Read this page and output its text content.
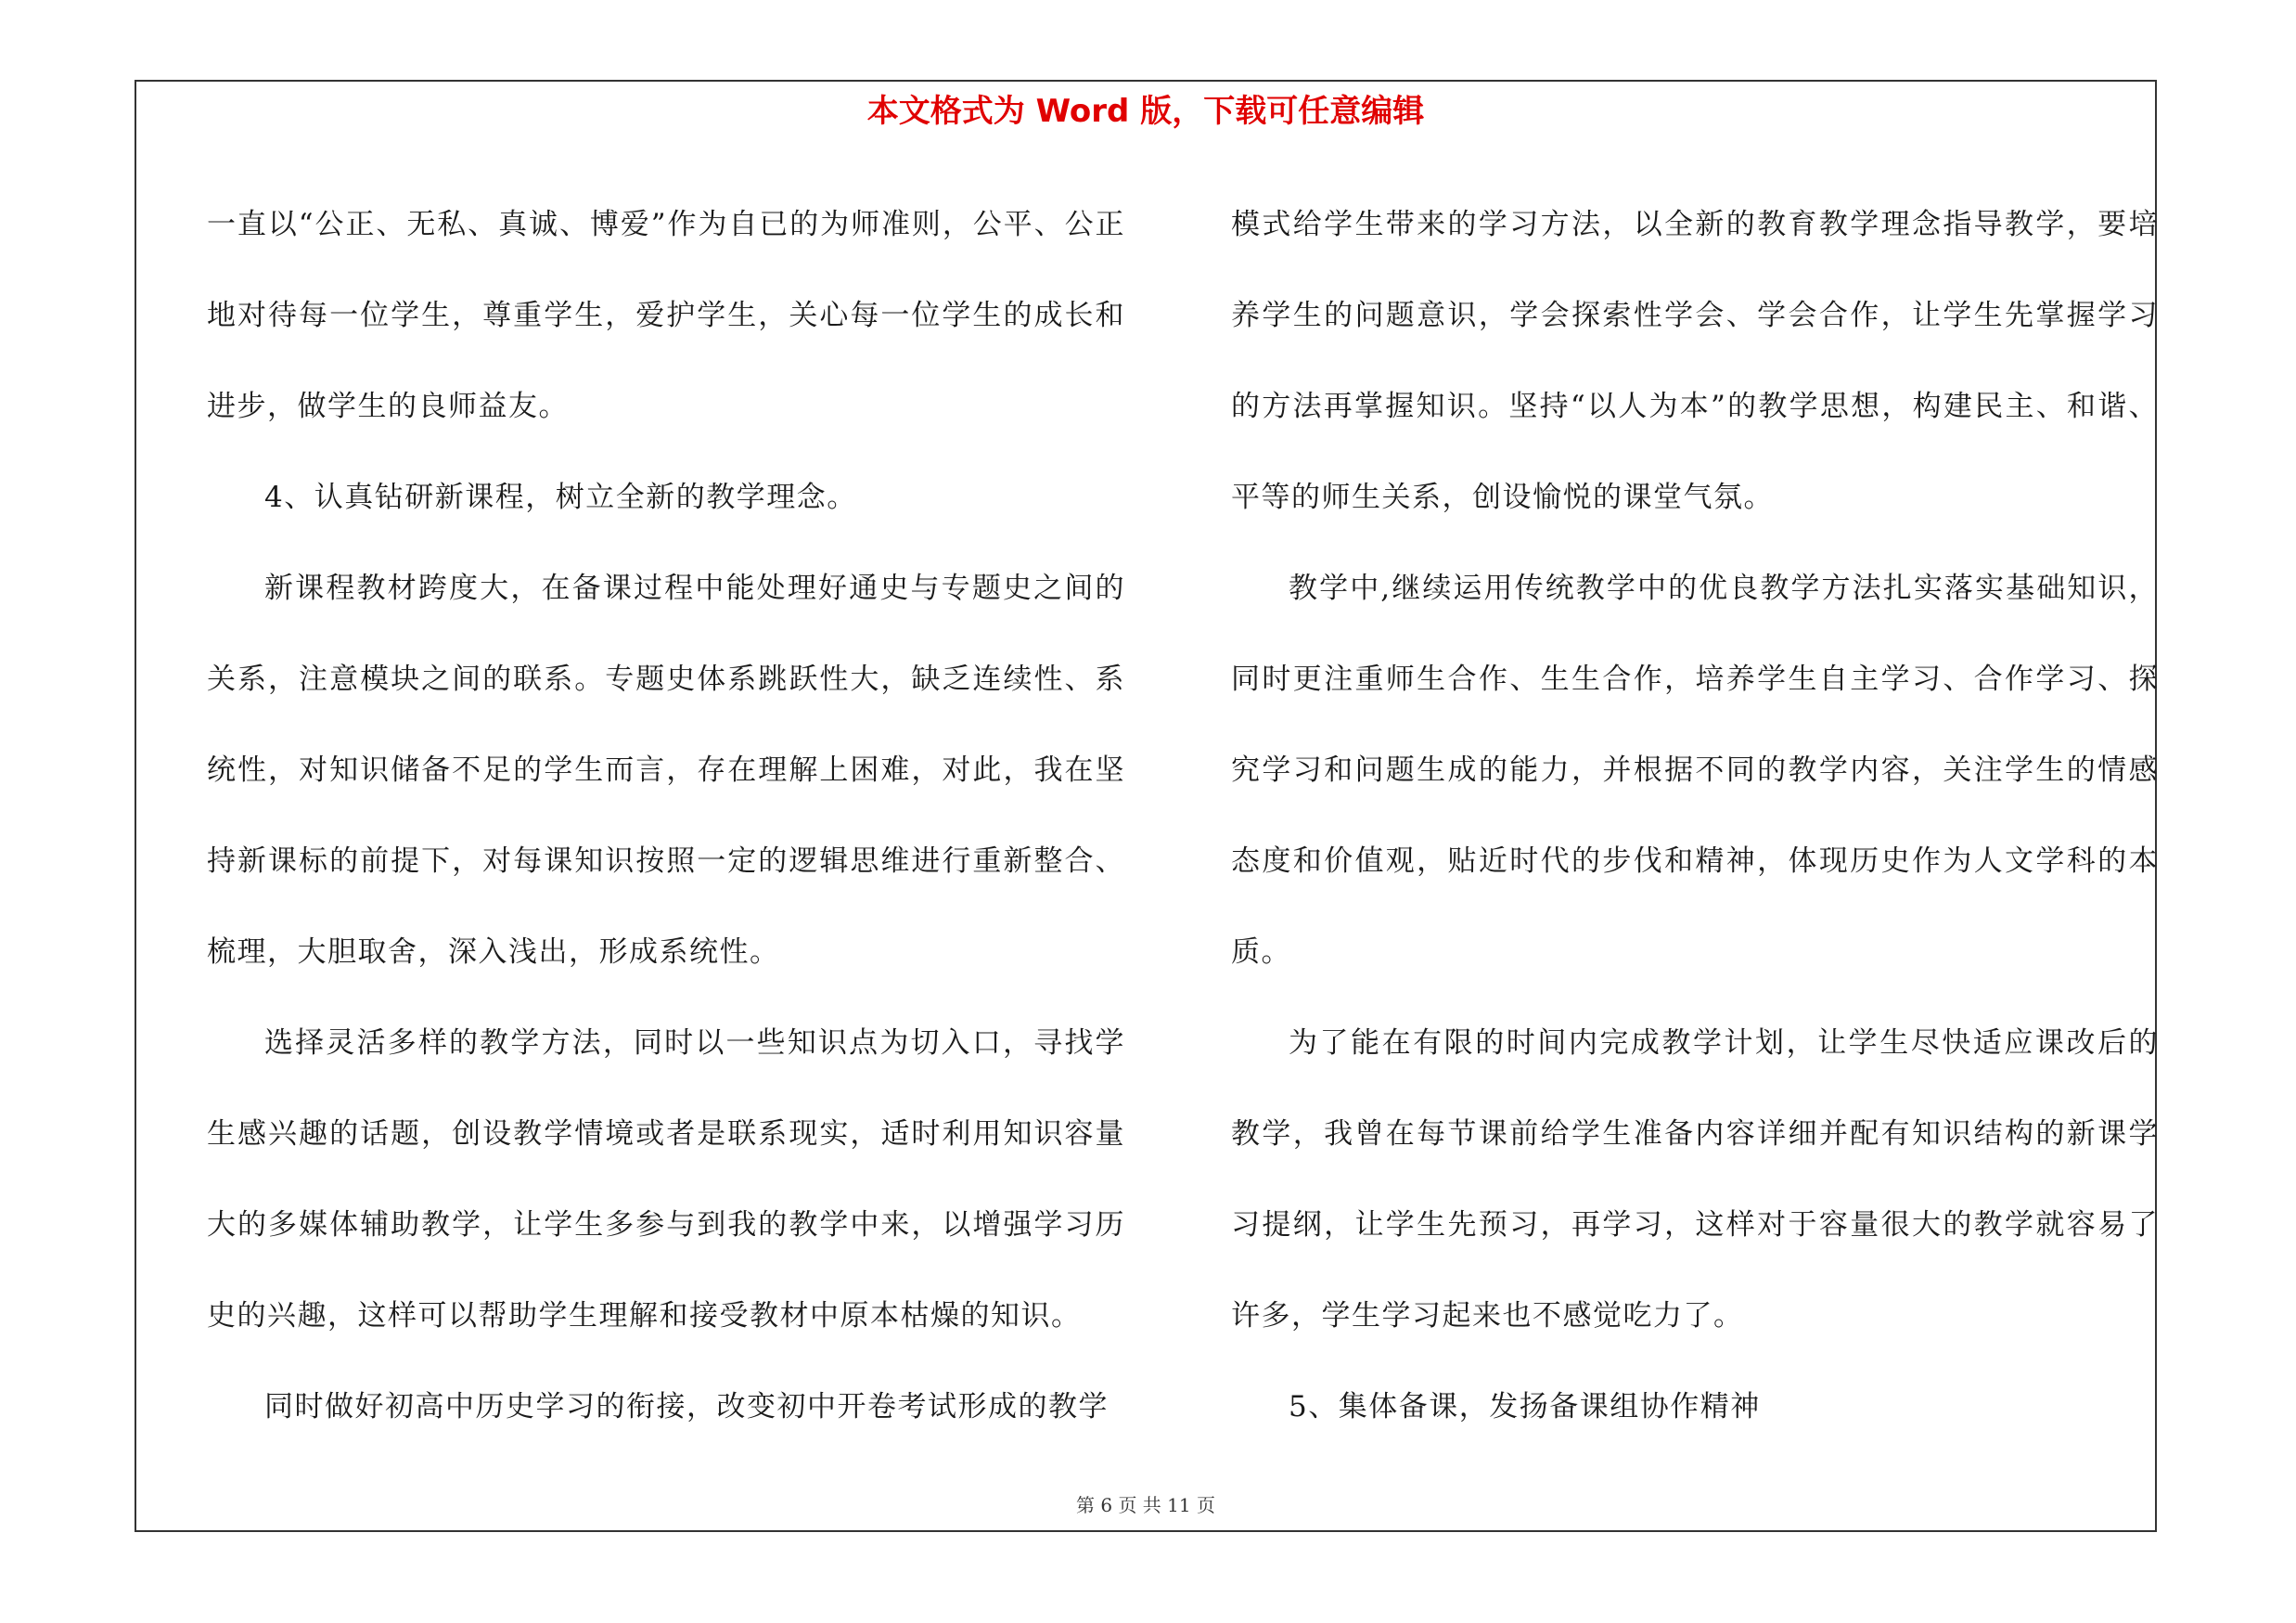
本文格式为 Word 版，下载可任意编辑

一直以“公正、无私、真诚、博爱”作为自已的为师准则，公平、公正地对待每一位学生，尊重学生，爱护学生，关心每一位学生的成长和进步，做学生的良师益友。

4、认真钻研新课程，树立全新的教学理念。

新课程教材跨度大，在备课过程中能处理好通史与专题史之间的关系，注意模块之间的联系。专题史体系跳跃性大，缺乏连续性、系统性，对知识储备不足的学生而言，存在理解上困难，对此，我在坚持新课标的前提下，对每课知识按照一定的逻辑思维进行重新整合、梳理，大胆取舍，深入浅出，形成系统性。

选择灵活多样的教学方法，同时以一些知识点为切入口，寻找学生感兴趣的话题，创设教学情境或者是联系现实，适时利用知识容量大的多媒体辅助教学，让学生多参与到我的教学中来，以增强学习历史的兴趣，这样可以帮助学生理解和接受教材中原本枯燥的知识。

同时做好初高中历史学习的衔接，改变初中开卷考试形成的教学

模式给学生带来的学习方法，以全新的教育教学理念指导教学，要培养学生的问题意识，学会探索性学会、学会合作，让学生先掌握学习的方法再掌握知识。坚持“以人为本”的教学思想，构建民主、和谐、平等的师生关系，创设愉悦的课堂气氛。

教学中,继续运用传统教学中的优良教学方法扎实落实基础知识，同时更注重师生合作、生生合作，培养学生自主学习、合作学习、探究学习和问题生成的能力，并根据不同的教学内容，关注学生的情感态度和价值观，贴近时代的步伐和精神，体现历史作为人文学科的本质。

为了能在有限的时间内完成教学计划，让学生尽快适应课改后的教学，我曾在每节课前给学生准备内容详细并配有知识结构的新课学习提纲，让学生先预习，再学习，这样对于容量很大的教学就容易了许多，学生学习起来也不感觉吃力了。

5、集体备课，发扬备课组协作精神

第 6 页 共 11 页
